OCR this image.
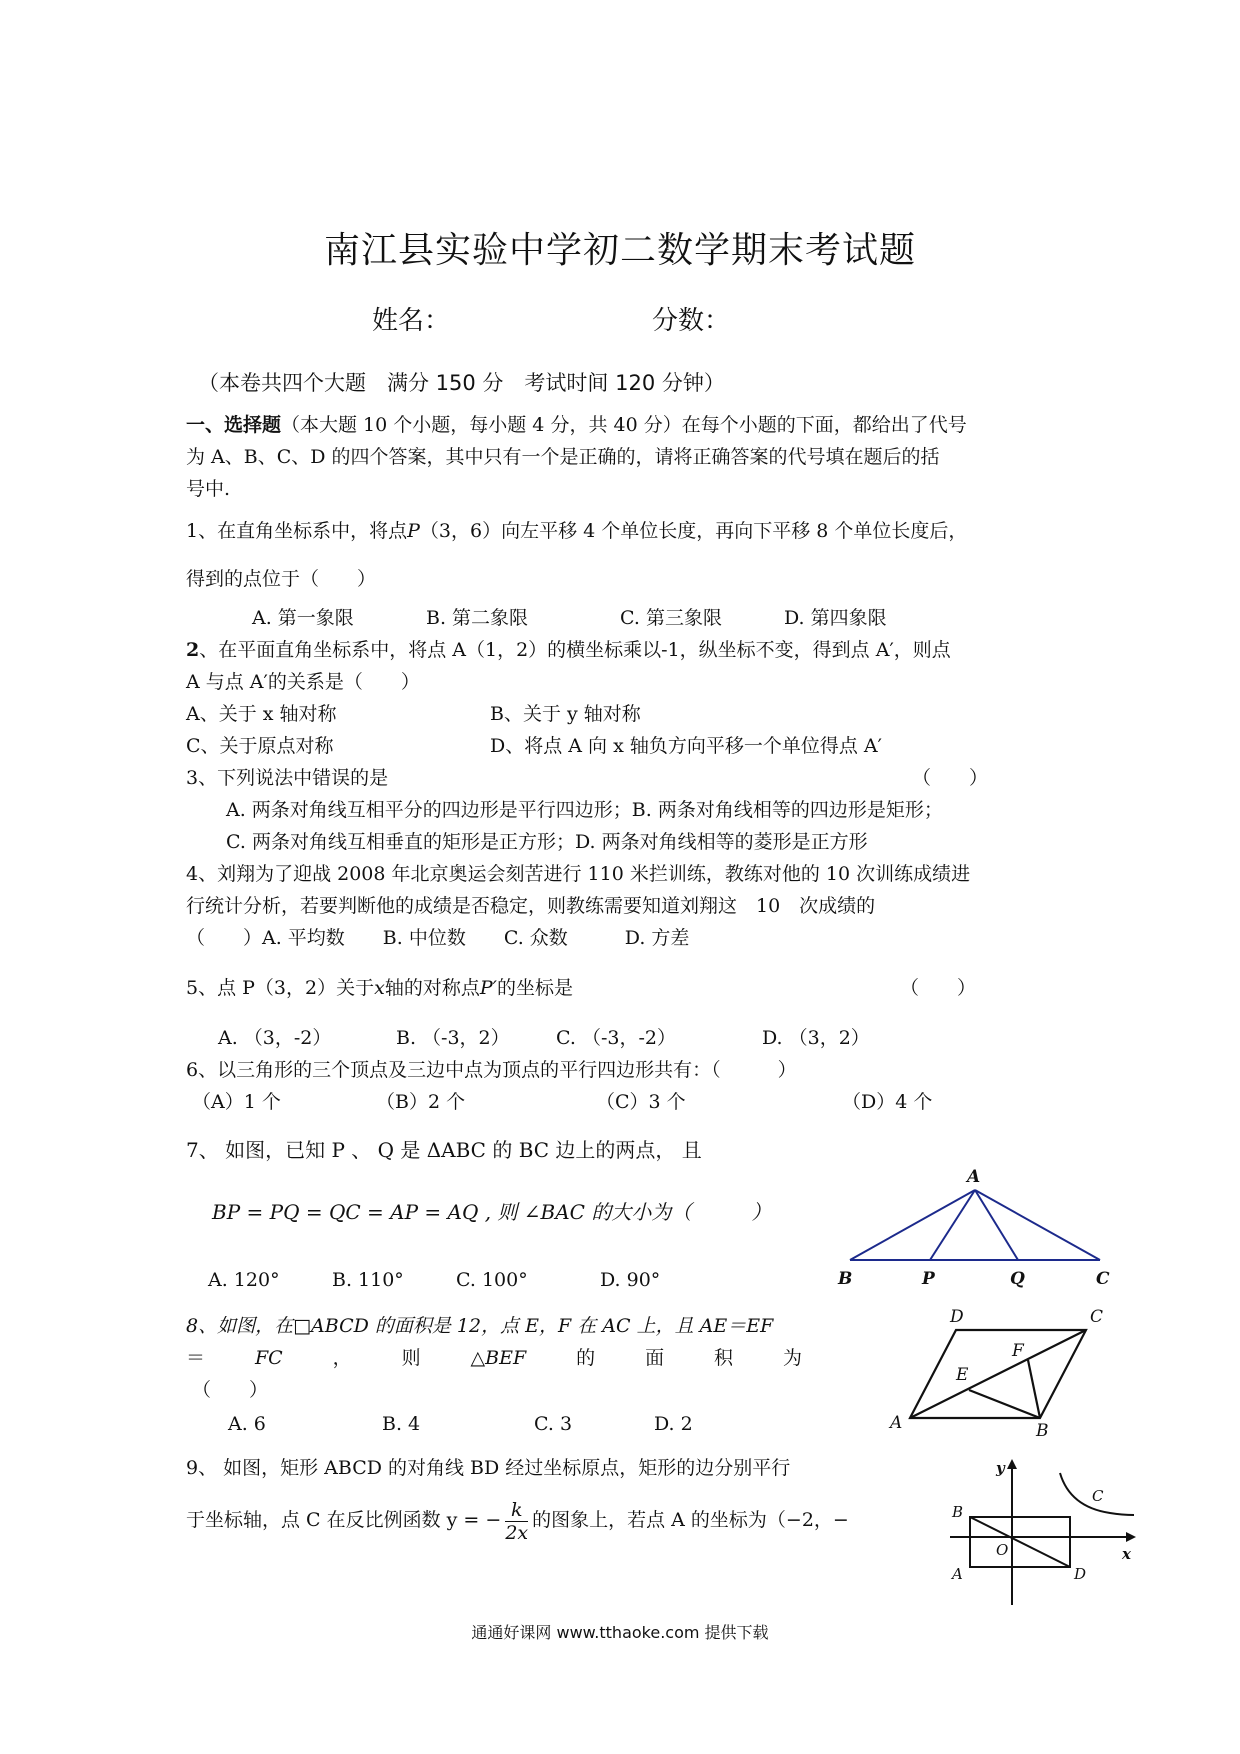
南江县实验中学初二数学期末考试题
姓名：	分数：
（本卷共四个大题　满分 150 分　考试时间 120 分钟）
一、选择题（本大题 10 个小题，每小题 4 分，共 40 分）在每个小题的下面，都给出了代号
为 A、B、C、D 的四个答案，其中只有一个是正确的，请将正确答案的代号填在题后的括
号中.
1、在直角坐标系中，将点P（3，6）向左平移 4 个单位长度，再向下平移 8 个单位长度后，
得到的点位于（　　）
A. 第一象限	B. 第二象限	C. 第三象限	D. 第四象限
2、在平面直角坐标系中，将点 A（1，2）的横坐标乘以-1，纵坐标不变，得到点 A′，则点
A 与点 A′的关系是（　　）
A、关于 x 轴对称	B、关于 y 轴对称
C、关于原点对称	D、将点 A 向 x 轴负方向平移一个单位得点 A′
3、下列说法中错误的是	（　　）
A. 两条对角线互相平分的四边形是平行四边形；B. 两条对角线相等的四边形是矩形；
C. 两条对角线互相垂直的矩形是正方形；D. 两条对角线相等的菱形是正方形
4、刘翔为了迎战 2008 年北京奥运会刻苦进行 110 米拦训练，教练对他的 10 次训练成绩进
行统计分析，若要判断他的成绩是否稳定，则教练需要知道刘翔这　10　次成绩的
（　　）A. 平均数　　B. 中位数　　C. 众数　　　D. 方差
5、点 P（3，2）关于x轴的对称点P′的坐标是	（　　）
A. （3，-2）	B. （-3，2） C. （-3，-2）	D. （3，2）
6、以三角形的三个顶点及三边中点为顶点的平行四边形共有：（　　　）
（A）1 个	（B）2 个	（C）3 个	（D）4 个
7、 如图，已知 P 、 Q 是 ΔABC 的 BC 边上的两点， 且
BP = PQ = QC = AP = AQ , 则 ∠BAC 的大小为（　　　）
A. 120°	B. 110°	C. 100°	D. 90°
A
B	P	Q	C
8、如图，在□ABCD 的面积是 12，点 E，F 在 AC 上，且 AE＝EF
＝	FC	，	则	△BEF	的	面	积	为
（　　）
A. 6	B. 4	C. 3	D. 2
D	C
E
F
A	B
9、 如图，矩形 ABCD 的对角线 BD 经过坐标原点，矩形的边分别平行
于坐标轴，点 C 在反比例函数 y = − $\frac{k}{2x}$ 的图象上，若点 A 的坐标为（−2，−
y
B
C
O	x
A	D
通通好课网 www.tthaoke.com 提供下载
